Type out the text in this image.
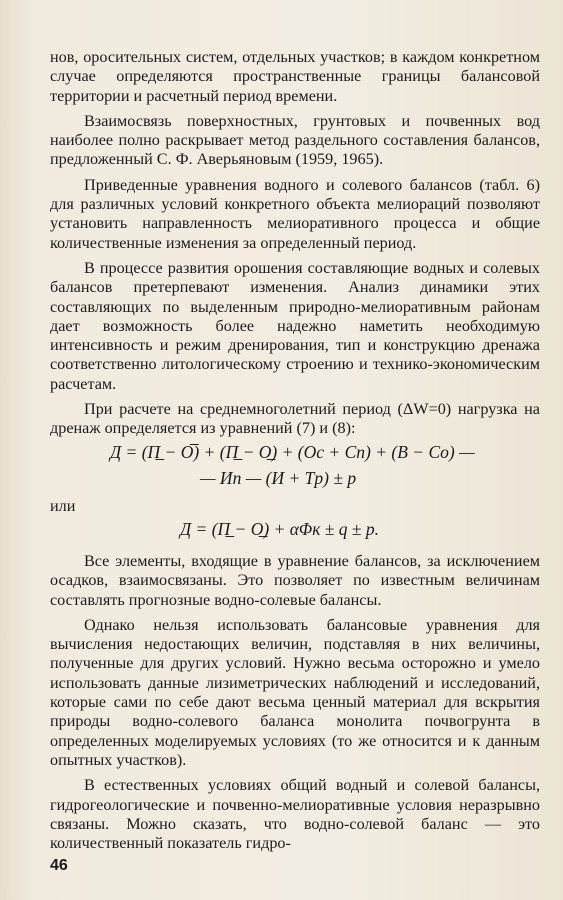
нов, оросительных систем, отдельных участков; в каждом конкретном случае определяются пространственные границы балансовой территории и расчетный период времени.

Взаимосвязь поверхностных, грунтовых и почвенных вод наиболее полно раскрывает метод раздельного составления балансов, предложенный С. Ф. Аверьяновым (1959, 1965).

Приведенные уравнения водного и солевого балансов (табл. 6) для различных условий конкретного объекта мелиораций позволяют установить направленность мелиоративного процесса и общие количественные изменения за определенный период.

В процессе развития орошения составляющие водных и солевых балансов претерпевают изменения. Анализ динамики этих составляющих по выделенным природно-мелиоративным районам дает возможность более надежно наметить необходимую интенсивность и режим дренирования, тип и конструкцию дренажа соответственно литологическому строению и технико-экономическим расчетам.

При расчете на среднемноголетний период (ΔW=0) нагрузка на дренаж определяется из уравнений (7) и (8):

Д = (П̲ − О̅) + (П̲ − О̲) + (Oс + Cп) + (B − Cо) —
— Ип — (И + Tр) ± p

или

Д = (П̲ − О̲) + αΦк ± q ± p.

Все элементы, входящие в уравнение балансов, за исключением осадков, взаимосвязаны. Это позволяет по известным величинам составлять прогнозные водно-солевые балансы.

Однако нельзя использовать балансовые уравнения для вычисления недостающих величин, подставляя в них величины, полученные для других условий. Нужно весьма осторожно и умело использовать данные лизиметрических наблюдений и исследований, которые сами по себе дают весьма ценный материал для вскрытия природы водно-солевого баланса монолита почвогрунта в определенных моделируемых условиях (то же относится и к данным опытных участков).

В естественных условиях общий водный и солевой балансы, гидрогеологические и почвенно-мелиоративные условия неразрывно связаны. Можно сказать, что водно-солевой баланс — это количественный показатель гидро-

46
